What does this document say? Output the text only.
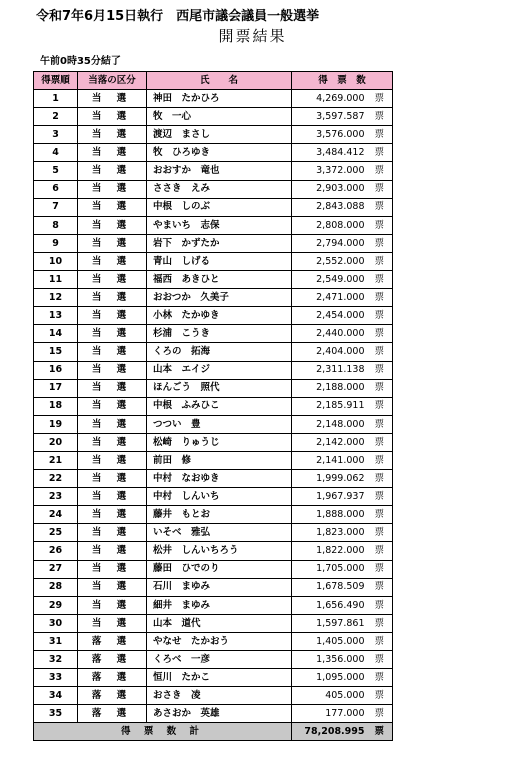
令和7年6月15日執行　西尾市議会議員一般選挙
開票結果
午前0時35分結了
得票順	当落の区分	氏　　名	得　票　数	
1	当 選	神田　たかひろ	4,269.000	票
2	当 選	牧　一心	3,597.587	票
3	当 選	渡辺　まさし	3,576.000	票
4	当 選	牧　ひろゆき	3,484.412	票
5	当 選	おおすか　竜也	3,372.000	票
6	当 選	ささき　えみ	2,903.000	票
7	当 選	中根　しのぶ	2,843.088	票
8	当 選	やまいち　志保	2,808.000	票
9	当 選	岩下　かずたか	2,794.000	票
10	当 選	青山　しげる	2,552.000	票
11	当 選	福西　あきひと	2,549.000	票
12	当 選	おおつか　久美子	2,471.000	票
13	当 選	小林　たかゆき	2,454.000	票
14	当 選	杉浦　こうき	2,440.000	票
15	当 選	くろの　拓海	2,404.000	票
16	当 選	山本　エイジ	2,311.138	票
17	当 選	ほんごう　照代	2,188.000	票
18	当 選	中根　ふみひこ	2,185.911	票
19	当 選	つつい　豊	2,148.000	票
20	当 選	松崎　りゅうじ	2,142.000	票
21	当 選	前田　修	2,141.000	票
22	当 選	中村　なおゆき	1,999.062	票
23	当 選	中村　しんいち	1,967.937	票
24	当 選	藤井　もとお	1,888.000	票
25	当 選	いそべ　雅弘	1,823.000	票
26	当 選	松井　しんいちろう	1,822.000	票
27	当 選	藤田　ひでのり	1,705.000	票
28	当 選	石川　まゆみ	1,678.509	票
29	当 選	細井　まゆみ	1,656.490	票
30	当 選	山本　道代	1,597.861	票
31	落 選	やなせ　たかおう	1,405.000	票
32	落 選	くろべ　一彦	1,356.000	票
33	落 選	恒川　たかこ	1,095.000	票
34	落 選	おさき　凌	405.000	票
35	落 選	あさおか　英雄	177.000	票
得 票 数 計			78,208.995	票
